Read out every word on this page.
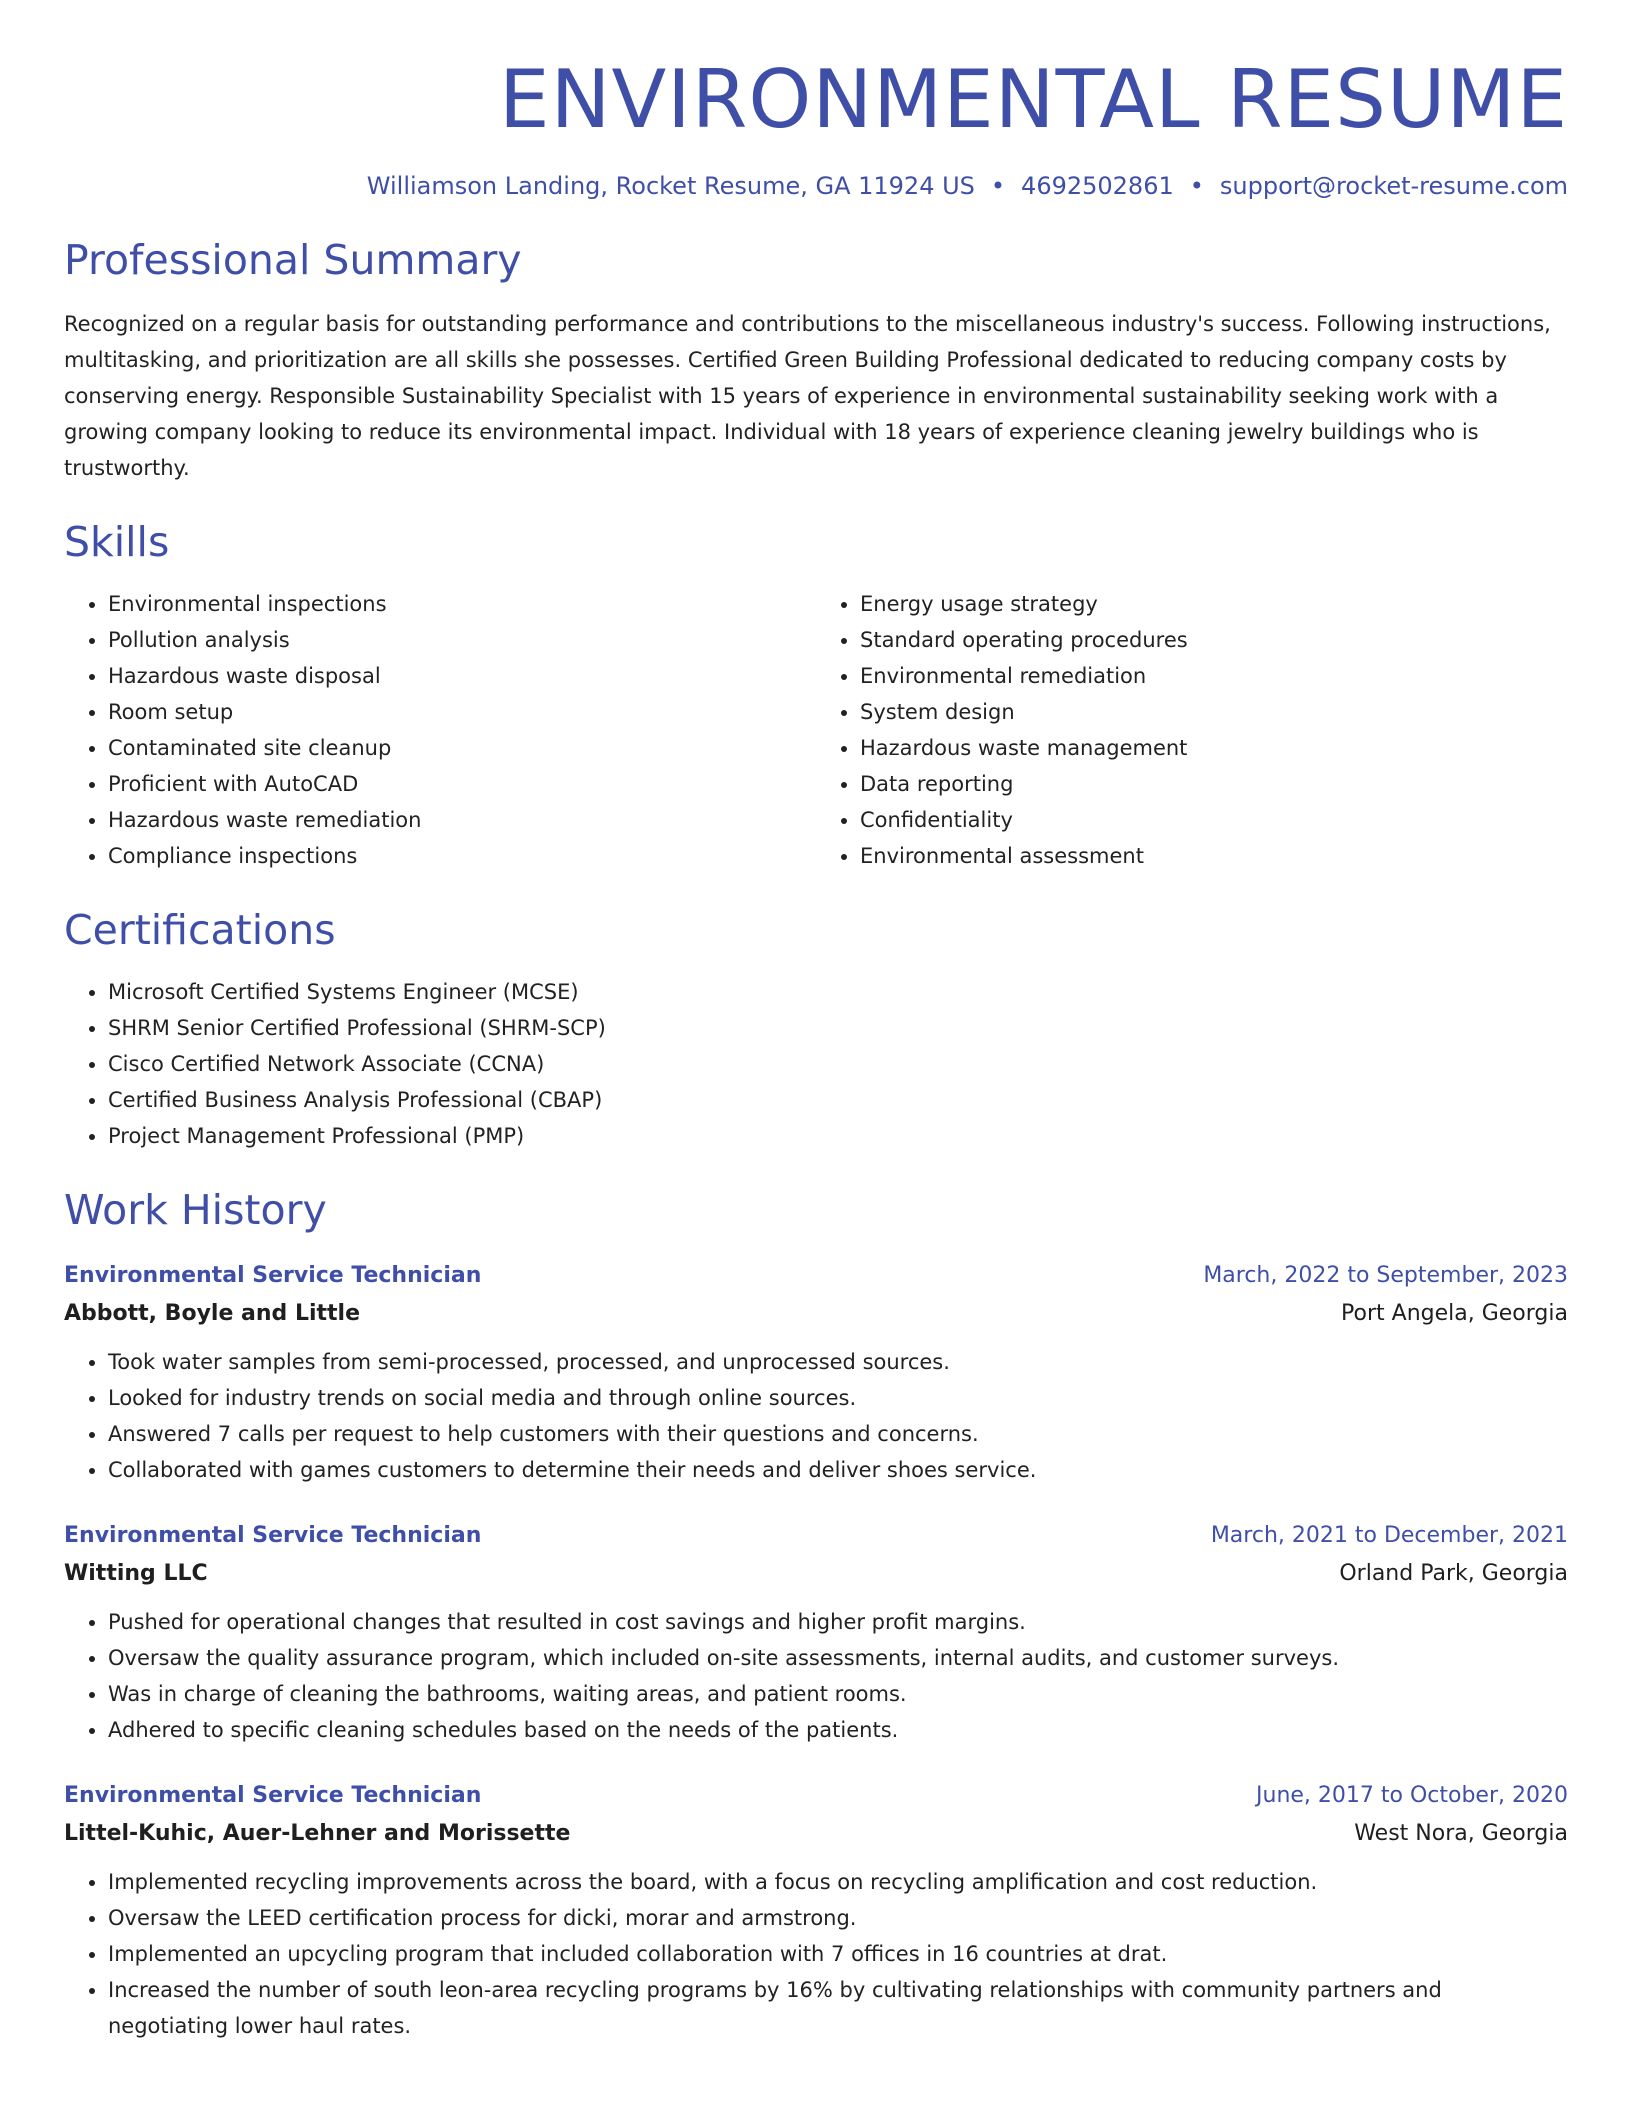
ENVIRONMENTAL RESUME
Williamson Landing, Rocket Resume, GA 11924 US • 4692502861 • support@rocket-resume.com
Professional Summary

Recognized on a regular basis for outstanding performance and contributions to the miscellaneous industry's success. Following instructions, multitasking, and prioritization are all skills she possesses. Certified Green Building Professional dedicated to reducing company costs by conserving energy. Responsible Sustainability Specialist with 15 years of experience in environmental sustainability seeking work with a growing company looking to reduce its environmental impact. Individual with 18 years of experience cleaning jewelry buildings who is trustworthy.

Skills
• Environmental inspections
• Pollution analysis
• Hazardous waste disposal
• Room setup
• Contaminated site cleanup
• Proficient with AutoCAD
• Hazardous waste remediation
• Compliance inspections
• Energy usage strategy
• Standard operating procedures
• Environmental remediation
• System design
• Hazardous waste management
• Data reporting
• Confidentiality
• Environmental assessment
Certifications
• Microsoft Certified Systems Engineer (MCSE)
• SHRM Senior Certified Professional (SHRM-SCP)
• Cisco Certified Network Associate (CCNA)
• Certified Business Analysis Professional (CBAP)
• Project Management Professional (PMP)
Work History
Environmental Service Technician	March, 2022 to September, 2023
Abbott, Boyle and Little	Port Angela, Georgia
• Took water samples from semi-processed, processed, and unprocessed sources.
• Looked for industry trends on social media and through online sources.
• Answered 7 calls per request to help customers with their questions and concerns.
• Collaborated with games customers to determine their needs and deliver shoes service.
Environmental Service Technician	March, 2021 to December, 2021
Witting LLC	Orland Park, Georgia
• Pushed for operational changes that resulted in cost savings and higher profit margins.
• Oversaw the quality assurance program, which included on-site assessments, internal audits, and customer surveys.
• Was in charge of cleaning the bathrooms, waiting areas, and patient rooms.
• Adhered to specific cleaning schedules based on the needs of the patients.
Environmental Service Technician	June, 2017 to October, 2020
Littel-Kuhic, Auer-Lehner and Morissette	West Nora, Georgia
• Implemented recycling improvements across the board, with a focus on recycling amplification and cost reduction.
• Oversaw the LEED certification process for dicki, morar and armstrong.
• Implemented an upcycling program that included collaboration with 7 offices in 16 countries at drat.
• Increased the number of south leon-area recycling programs by 16% by cultivating relationships with community partners and negotiating lower haul rates.
